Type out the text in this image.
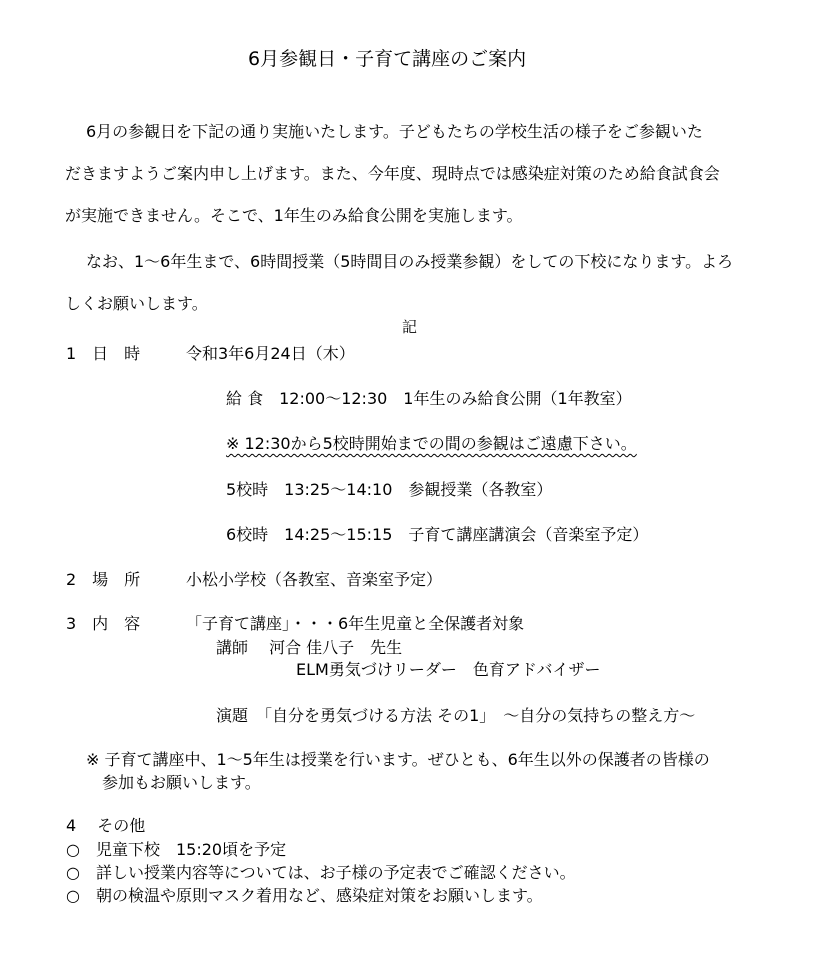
6月参観日・子育て講座のご案内
6月の参観日を下記の通り実施いたします。子どもたちの学校生活の様子をご参観いた
だきますようご案内申し上げます。また、今年度、現時点では感染症対策のため給食試食会
が実施できません。そこで、1年生のみ給食公開を実施します。
なお、1～6年生まで、6時間授業（5時間目のみ授業参観）をしての下校になります。よろ
しくお願いします。
記
1　日　時	令和3年6月24日（木）
給 食　12:00～12:30　1年生のみ給食公開（1年教室）
※ 12:30から5校時開始までの間の参観はご遠慮下さい。
5校時　13:25～14:10　参観授業（各教室）
6校時　14:25～15:15　子育て講座講演会（音楽室予定）
2　場　所	小松小学校（各教室、音楽室予定）
3　内　容	「子育て講座」・・・6年生児童と全保護者対象
講師　 河合 佳八子　先生
ELM勇気づけリーダー　色育アドバイザー
演題　「自分を勇気づける方法 その1」　～自分の気持ちの整え方～
※ 子育て講座中、1～5年生は授業を行います。ぜひとも、6年生以外の保護者の皆様の
参加もお願いします。
4　 その他
○　児童下校　15:20頃を予定
○　詳しい授業内容等については、お子様の予定表でご確認ください。
○　朝の検温や原則マスク着用など、感染症対策をお願いします。
